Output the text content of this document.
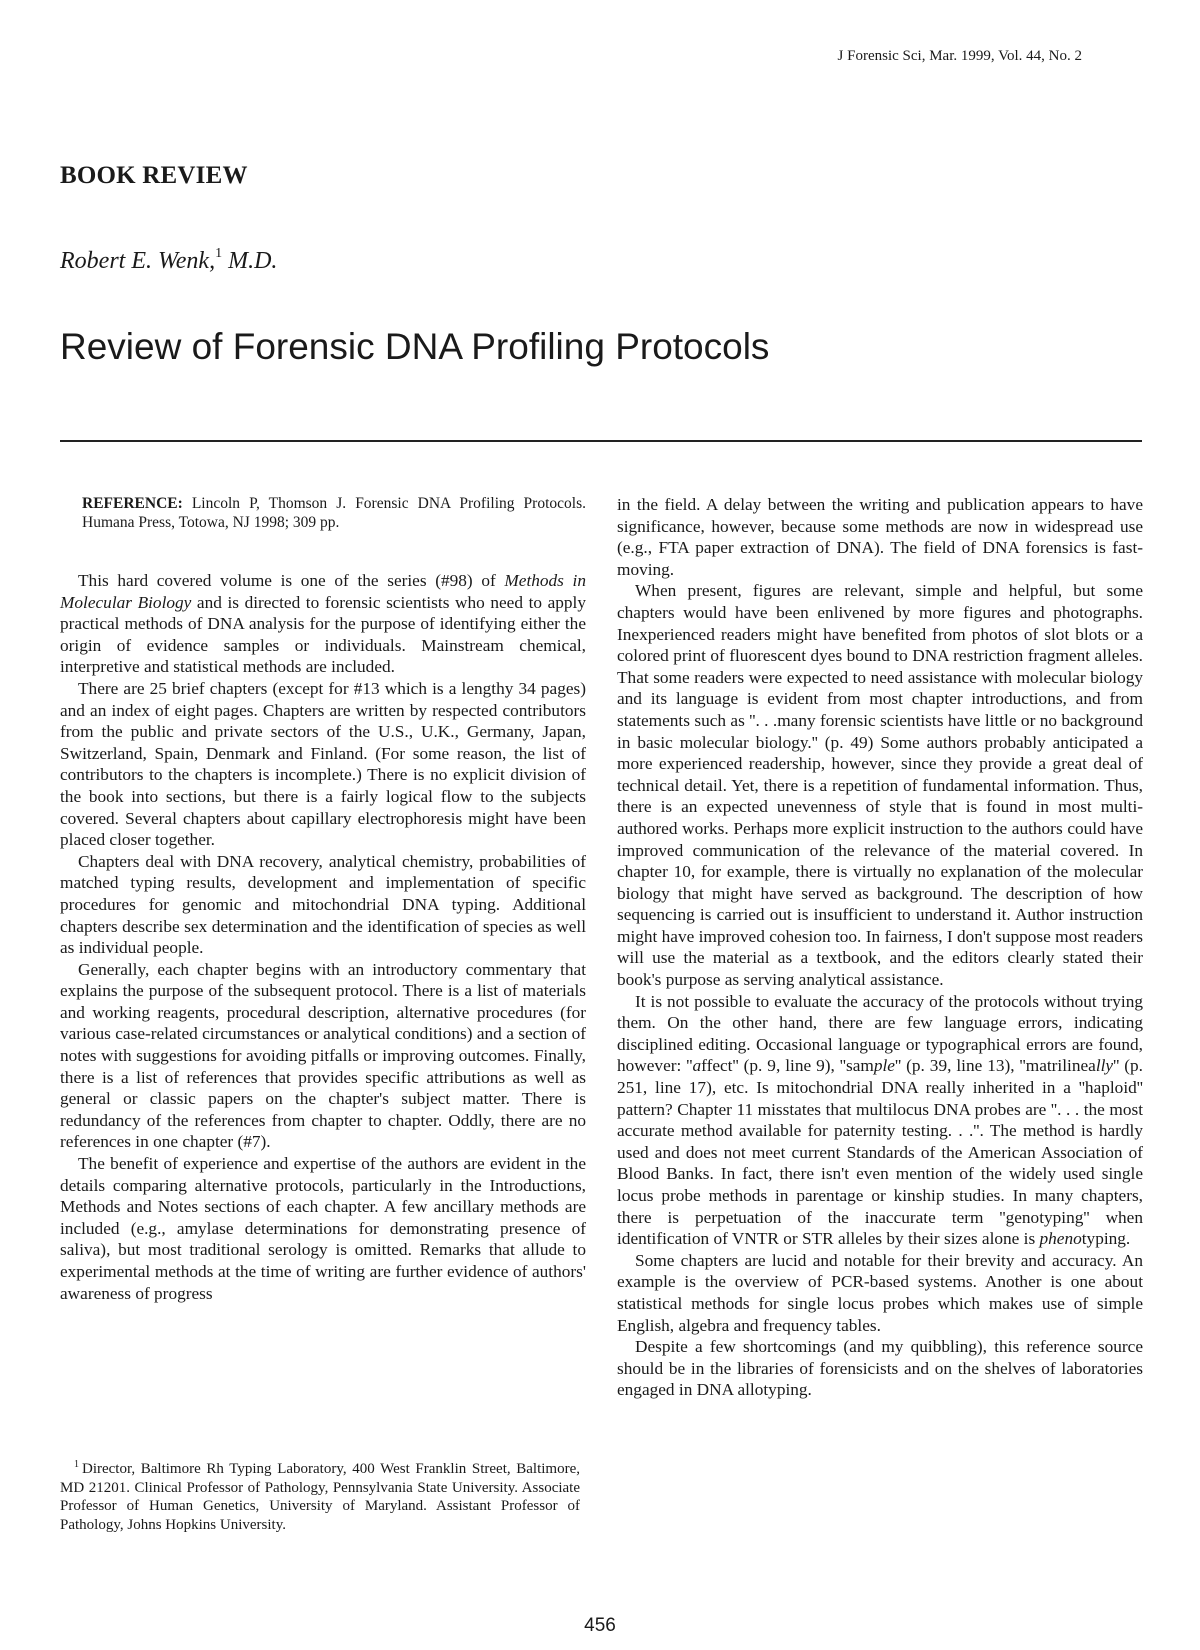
J Forensic Sci, Mar. 1999, Vol. 44, No. 2
BOOK REVIEW
Robert E. Wenk,$^1$ M.D.
Review of Forensic DNA Profiling Protocols

REFERENCE: Lincoln P, Thomson J. Forensic DNA Profiling Protocols. Humana Press, Totowa, NJ 1998; 309 pp.

This hard covered volume is one of the series (#98) of Methods in Molecular Biology and is directed to forensic scientists who need to apply practical methods of DNA analysis for the purpose of identifying either the origin of evidence samples or individuals. Mainstream chemical, interpretive and statistical methods are included.

There are 25 brief chapters (except for #13 which is a lengthy 34 pages) and an index of eight pages. Chapters are written by respected contributors from the public and private sectors of the U.S., U.K., Germany, Japan, Switzerland, Spain, Denmark and Finland. (For some reason, the list of contributors to the chapters is incomplete.) There is no explicit division of the book into sections, but there is a fairly logical flow to the subjects covered. Several chapters about capillary electrophoresis might have been placed closer together.

Chapters deal with DNA recovery, analytical chemistry, probabilities of matched typing results, development and implementation of specific procedures for genomic and mitochondrial DNA typing. Additional chapters describe sex determination and the identification of species as well as individual people.

Generally, each chapter begins with an introductory commentary that explains the purpose of the subsequent protocol. There is a list of materials and working reagents, procedural description, alternative procedures (for various case-related circumstances or analytical conditions) and a section of notes with suggestions for avoiding pitfalls or improving outcomes. Finally, there is a list of references that provides specific attributions as well as general or classic papers on the chapter's subject matter. There is redundancy of the references from chapter to chapter. Oddly, there are no references in one chapter (#7).

The benefit of experience and expertise of the authors are evident in the details comparing alternative protocols, particularly in the Introductions, Methods and Notes sections of each chapter. A few ancillary methods are included (e.g., amylase determinations for demonstrating presence of saliva), but most traditional serology is omitted. Remarks that allude to experimental methods at the time of writing are further evidence of authors' awareness of progress

in the field. A delay between the writing and publication appears to have significance, however, because some methods are now in widespread use (e.g., FTA paper extraction of DNA). The field of DNA forensics is fast-moving.

When present, figures are relevant, simple and helpful, but some chapters would have been enlivened by more figures and photographs. Inexperienced readers might have benefited from photos of slot blots or a colored print of fluorescent dyes bound to DNA restriction fragment alleles. That some readers were expected to need assistance with molecular biology and its language is evident from most chapter introductions, and from statements such as ''. . .many forensic scientists have little or no background in basic molecular biology.'' (p. 49) Some authors probably anticipated a more experienced readership, however, since they provide a great deal of technical detail. Yet, there is a repetition of fundamental information. Thus, there is an expected unevenness of style that is found in most multi-authored works. Perhaps more explicit instruction to the authors could have improved communication of the relevance of the material covered. In chapter 10, for example, there is virtually no explanation of the molecular biology that might have served as background. The description of how sequencing is carried out is insufficient to understand it. Author instruction might have improved cohesion too. In fairness, I don't suppose most readers will use the material as a textbook, and the editors clearly stated their book's purpose as serving analytical assistance.

It is not possible to evaluate the accuracy of the protocols without trying them. On the other hand, there are few language errors, indicating disciplined editing. Occasional language or typographical errors are found, however: ''affect'' (p. 9, line 9), ''sample'' (p. 39, line 13), ''matrilineally'' (p. 251, line 17), etc. Is mitochondrial DNA really inherited in a ''haploid'' pattern? Chapter 11 misstates that multilocus DNA probes are ''. . . the most accurate method available for paternity testing. . .''. The method is hardly used and does not meet current Standards of the American Association of Blood Banks. In fact, there isn't even mention of the widely used single locus probe methods in parentage or kinship studies. In many chapters, there is perpetuation of the inaccurate term ''genotyping'' when identification of VNTR or STR alleles by their sizes alone is phenotyping.

Some chapters are lucid and notable for their brevity and accuracy. An example is the overview of PCR-based systems. Another is one about statistical methods for single locus probes which makes use of simple English, algebra and frequency tables.

Despite a few shortcomings (and my quibbling), this reference source should be in the libraries of forensicists and on the shelves of laboratories engaged in DNA allotyping.

$^1$ Director, Baltimore Rh Typing Laboratory, 400 West Franklin Street, Baltimore, MD 21201. Clinical Professor of Pathology, Pennsylvania State University. Associate Professor of Human Genetics, University of Maryland. Assistant Professor of Pathology, Johns Hopkins University.

456
